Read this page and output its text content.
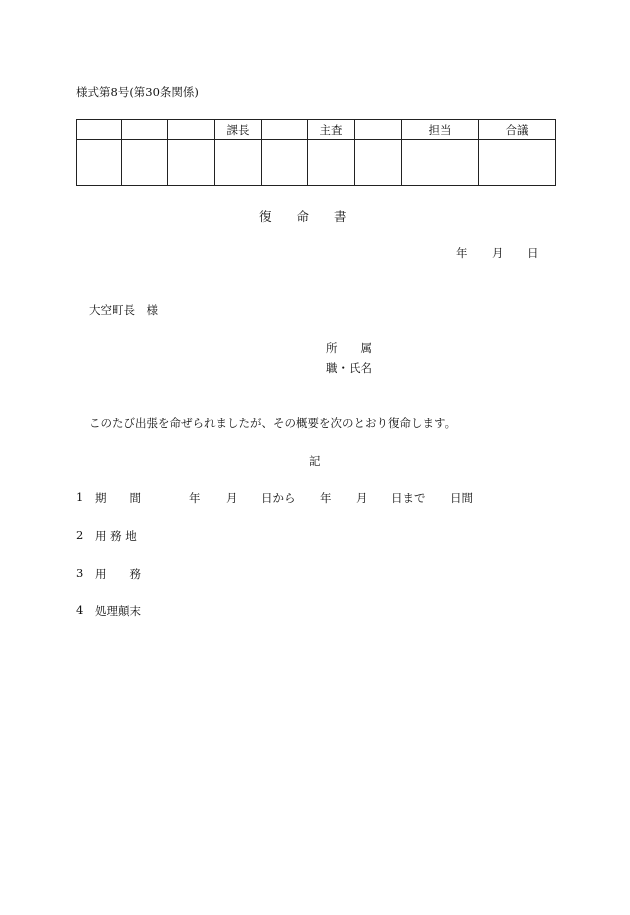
様式第8号(第30条関係)
			課長		主査		担当	合議

復　　命　　書
年 月 日
大空町長　様
所　　属
職・氏名
このたび出張を命ぜられましたが、その概要を次のとおり復命します。
記
1 期　　間	年 月 日から 年 月 日まで 日間
2 用 務 地
3 用　　務
4 処理顛末
